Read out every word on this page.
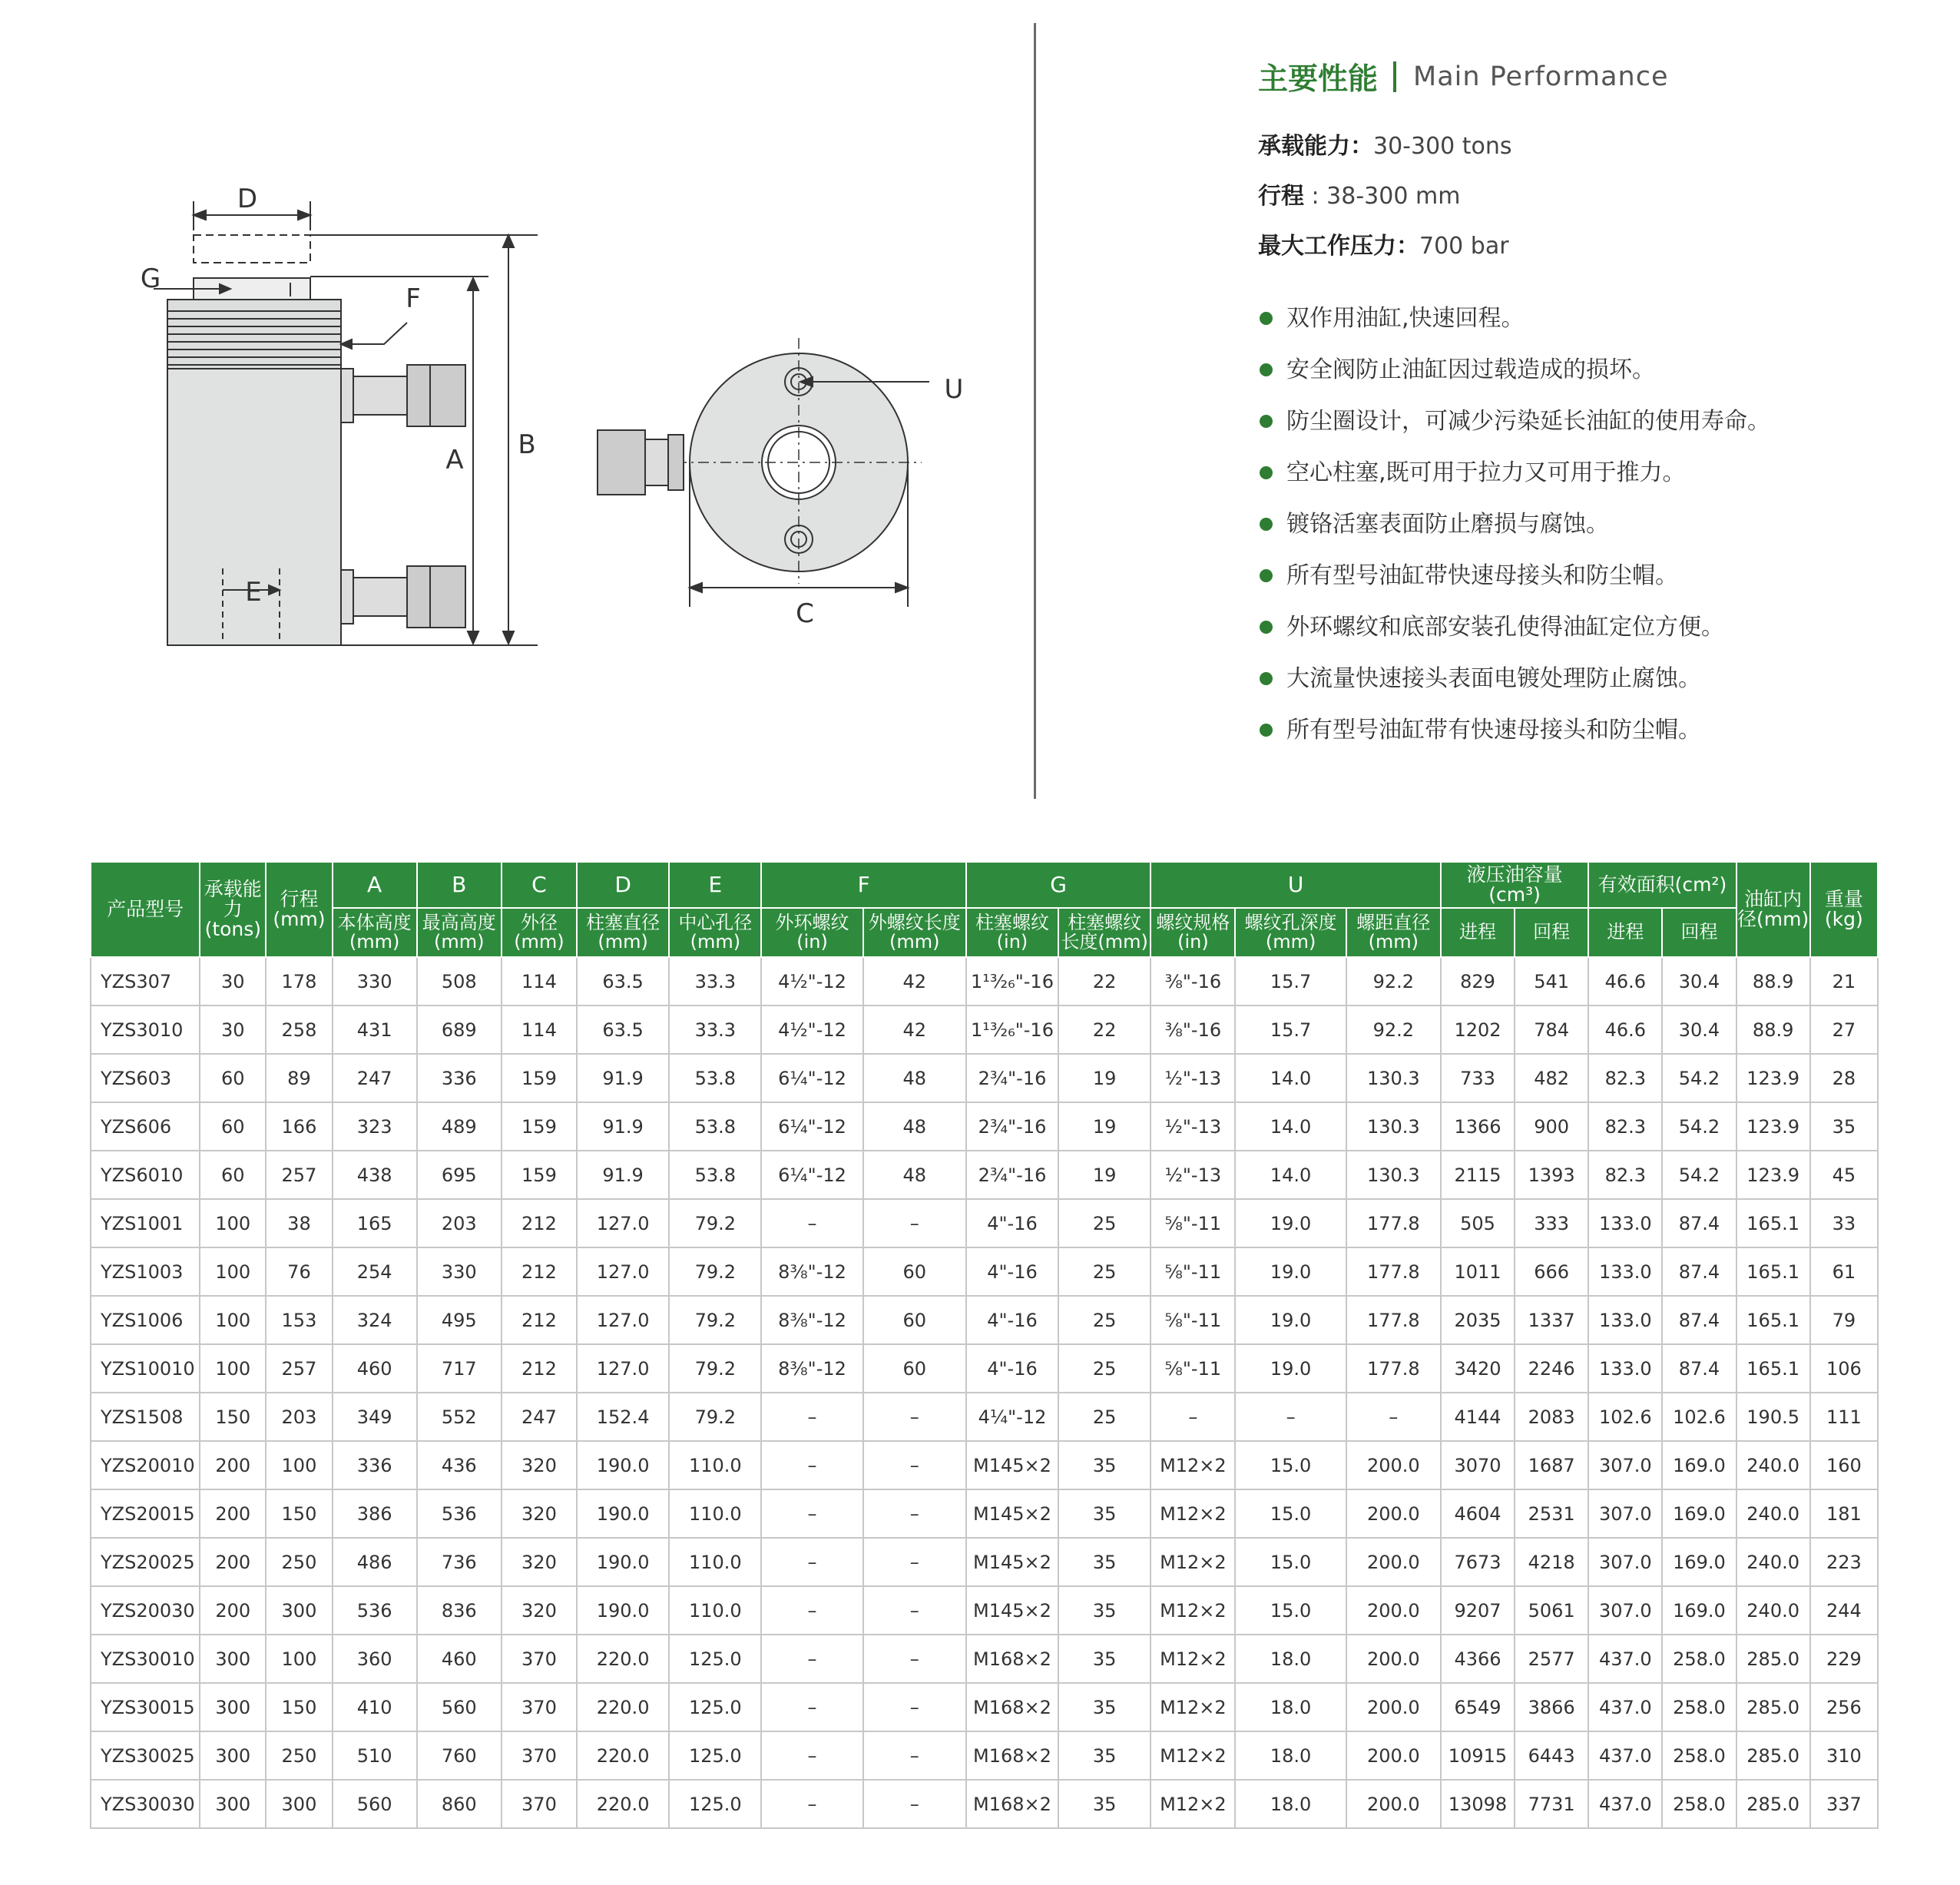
D
G
F
A B
E
U
C
主要性能 Main Performance
承载能力：30-300 tons
行程 : 38-300 mm
最大工作压力：700 bar
双作用油缸,快速回程。
安全阀防止油缸因过载造成的损坏。
防尘圈设计，可减少污染延长油缸的使用寿命。
空心柱塞,既可用于拉力又可用于推力。
镀铬活塞表面防止磨损与腐蚀。
所有型号油缸带快速母接头和防尘帽。
外环螺纹和底部安装孔使得油缸定位方便。
大流量快速接头表面电镀处理防止腐蚀。
所有型号油缸带有快速母接头和防尘帽。
产品型号	承载能力(tons)	行程(mm)	A	B	C	D	E	F		G		U			液压油容量(cm³)		有效面积(cm²)		油缸内径(mm)	重量(kg)
			本体高度(mm)	最高高度(mm)	外径(mm)	柱塞直径(mm)	中心孔径(mm)	外环螺纹(in)	外螺纹长度(mm)	柱塞螺纹(in)	柱塞螺纹长度(mm)	螺纹规格(in)	螺纹孔深度(mm)	螺距直径(mm)	进程	回程	进程	回程		
YZS307	30	178	330	508	114	63.5	33.3	4½"-12	42	1¹³⁄₂₆"-16	22	⅜"-16	15.7	92.2	829	541	46.6	30.4	88.9	21
YZS3010	30	258	431	689	114	63.5	33.3	4½"-12	42	1¹³⁄₂₆"-16	22	⅜"-16	15.7	92.2	1202	784	46.6	30.4	88.9	27
YZS603	60	89	247	336	159	91.9	53.8	6¼"-12	48	2³⁄₄"-16	19	½"-13	14.0	130.3	733	482	82.3	54.2	123.9	28
YZS606	60	166	323	489	159	91.9	53.8	6¼"-12	48	2³⁄₄"-16	19	½"-13	14.0	130.3	1366	900	82.3	54.2	123.9	35
YZS6010	60	257	438	695	159	91.9	53.8	6¼"-12	48	2³⁄₄"-16	19	½"-13	14.0	130.3	2115	1393	82.3	54.2	123.9	45
YZS1001	100	38	165	203	212	127.0	79.2	–	–	4"-16	25	⅝"-11	19.0	177.8	505	333	133.0	87.4	165.1	33
YZS1003	100	76	254	330	212	127.0	79.2	8⅜"-12	60	4"-16	25	⅝"-11	19.0	177.8	1011	666	133.0	87.4	165.1	61
YZS1006	100	153	324	495	212	127.0	79.2	8⅜"-12	60	4"-16	25	⅝"-11	19.0	177.8	2035	1337	133.0	87.4	165.1	79
YZS10010	100	257	460	717	212	127.0	79.2	8⅜"-12	60	4"-16	25	⅝"-11	19.0	177.8	3420	2246	133.0	87.4	165.1	106
YZS1508	150	203	349	552	247	152.4	79.2	–	–	4¹⁄₄"-12	25	–	–	–	4144	2083	102.6	102.6	190.5	111
YZS20010	200	100	336	436	320	190.0	110.0	–	–	M145×2	35	M12×2	15.0	200.0	3070	1687	307.0	169.0	240.0	160
YZS20015	200	150	386	536	320	190.0	110.0	–	–	M145×2	35	M12×2	15.0	200.0	4604	2531	307.0	169.0	240.0	181
YZS20025	200	250	486	736	320	190.0	110.0	–	–	M145×2	35	M12×2	15.0	200.0	7673	4218	307.0	169.0	240.0	223
YZS20030	200	300	536	836	320	190.0	110.0	–	–	M145×2	35	M12×2	15.0	200.0	9207	5061	307.0	169.0	240.0	244
YZS30010	300	100	360	460	370	220.0	125.0	–	–	M168×2	35	M12×2	18.0	200.0	4366	2577	437.0	258.0	285.0	229
YZS30015	300	150	410	560	370	220.0	125.0	–	–	M168×2	35	M12×2	18.0	200.0	6549	3866	437.0	258.0	285.0	256
YZS30025	300	250	510	760	370	220.0	125.0	–	–	M168×2	35	M12×2	18.0	200.0	10915	6443	437.0	258.0	285.0	310
YZS30030	300	300	560	860	370	220.0	125.0	–	–	M168×2	35	M12×2	18.0	200.0	13098	7731	437.0	258.0	285.0	337
